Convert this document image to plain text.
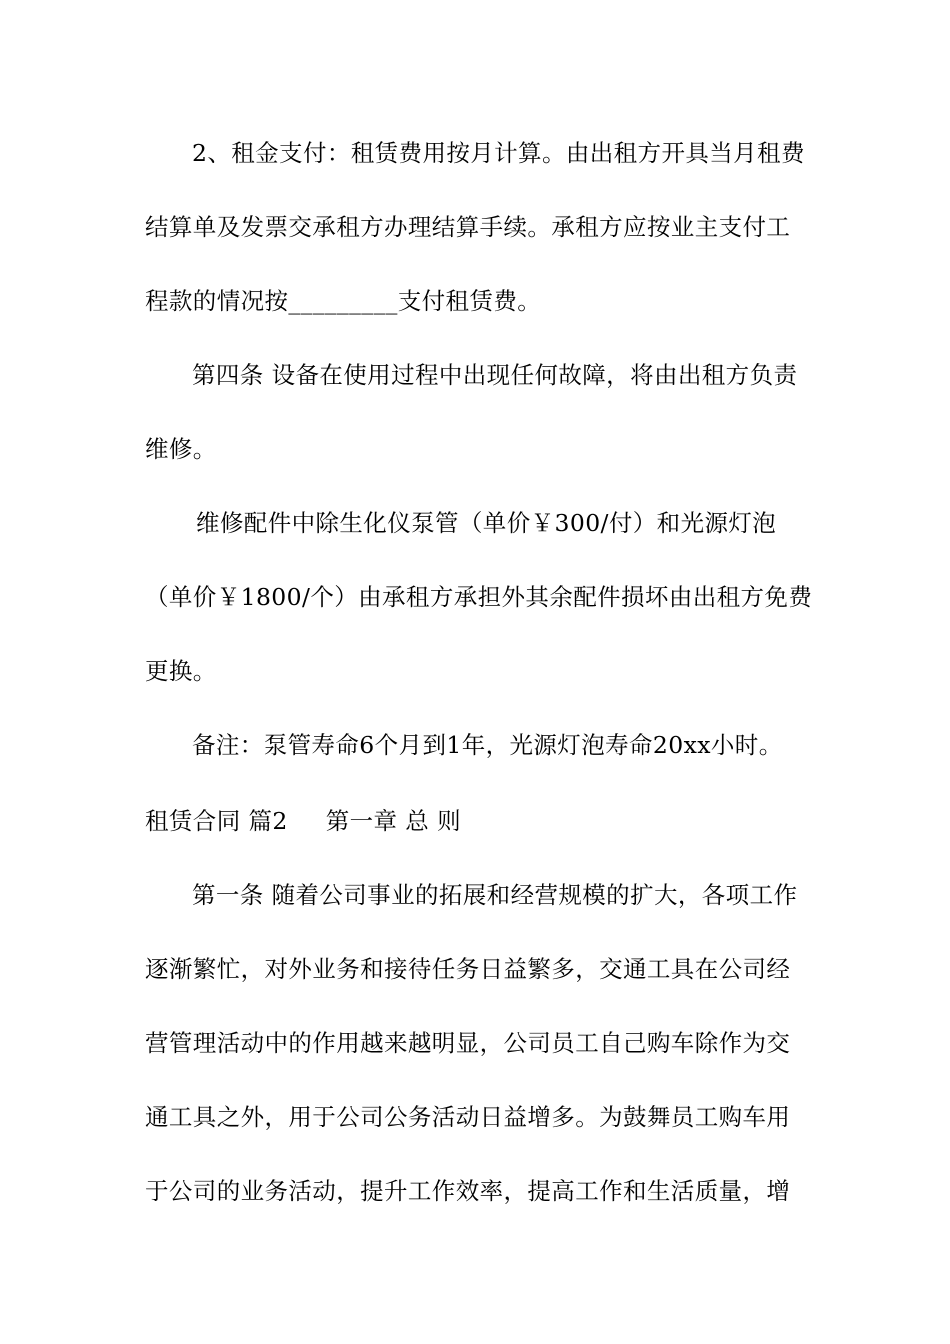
2、租金支付：租赁费用按月计算。由出租方开具当月租费
结算单及发票交承租方办理结算手续。承租方应按业主支付工
程款的情况按_________支付租赁费。
第四条 设备在使用过程中出现任何故障，将由出租方负责
维修。
维修配件中除生化仪泵管（单价￥300/付）和光源灯泡
（单价￥1800/个）由承租方承担外其余配件损坏由出租方免费
更换。
备注：泵管寿命6个月到1年，光源灯泡寿命20xx小时。
租赁合同 篇2 第一章 总 则
第一条 随着公司事业的拓展和经营规模的扩大，各项工作
逐渐繁忙，对外业务和接待任务日益繁多，交通工具在公司经
营管理活动中的作用越来越明显，公司员工自己购车除作为交
通工具之外，用于公司公务活动日益增多。为鼓舞员工购车用
于公司的业务活动，提升工作效率，提高工作和生活质量，增
